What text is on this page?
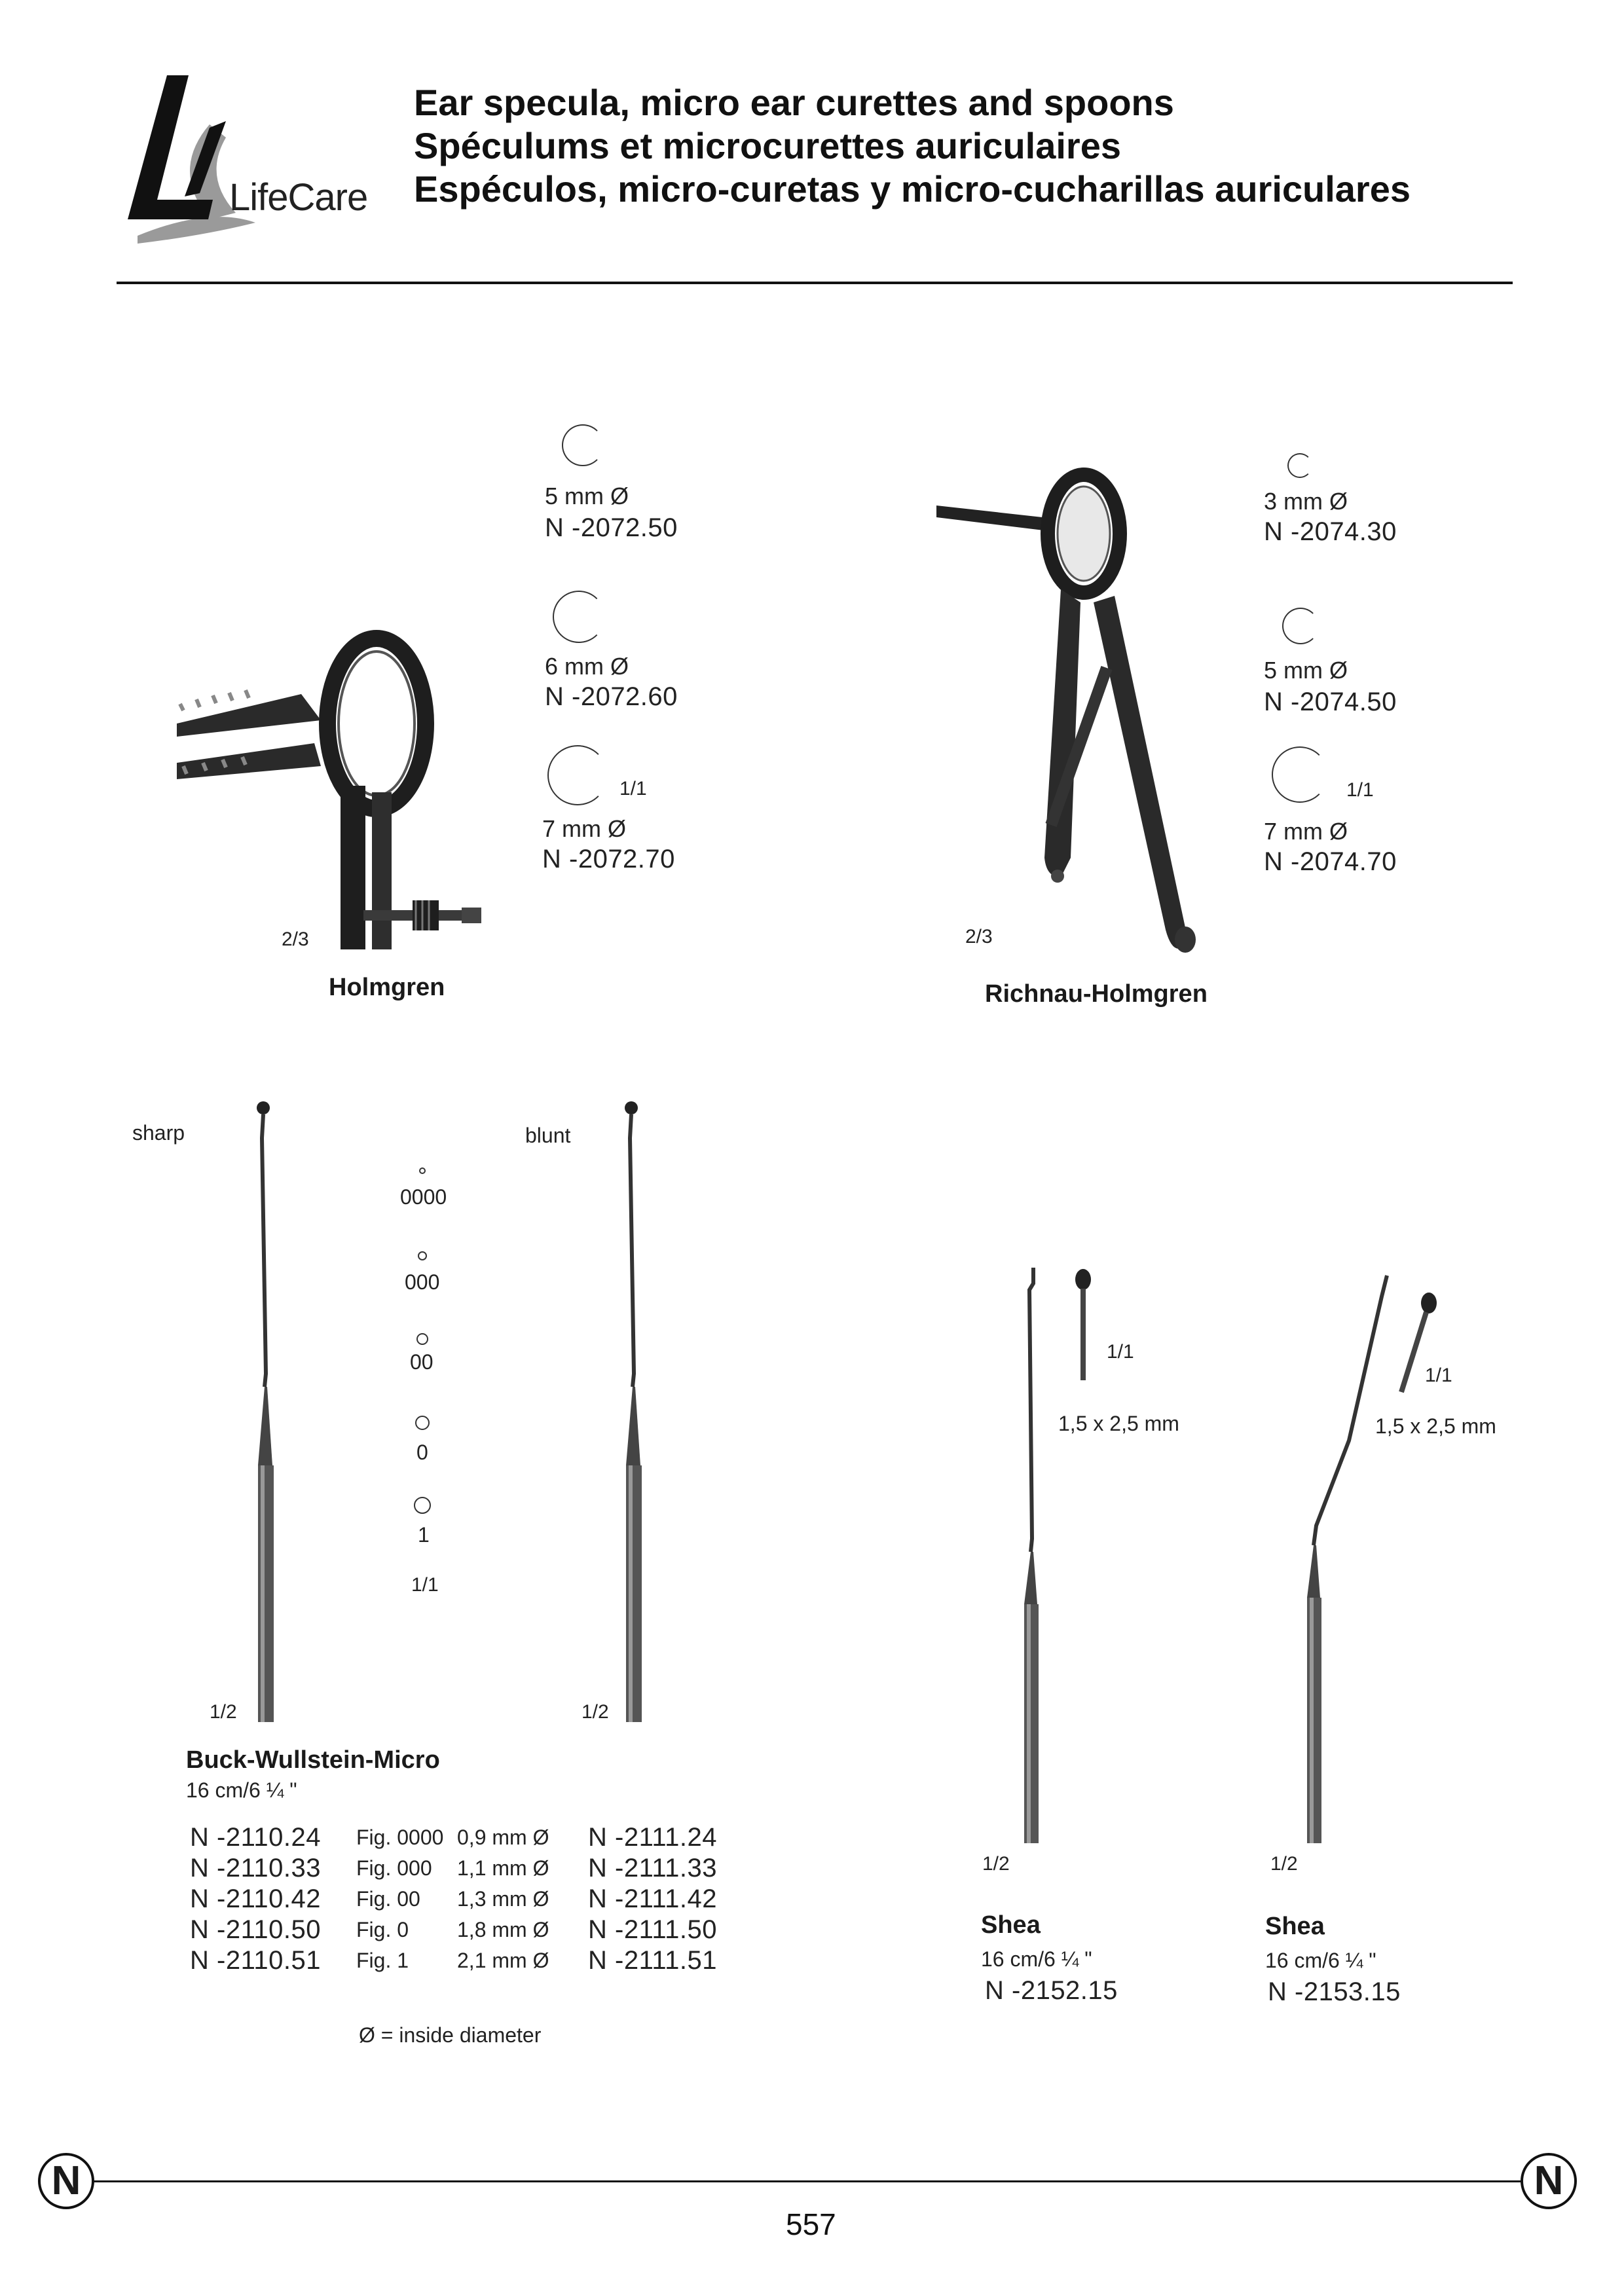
LifeCare
Ear specula, micro ear curettes and spoons
Spéculums et microcurettes auriculaires
Espéculos, micro-curetas y micro-cucharillas auriculares
2/3
Holmgren
5 mm Ø
N -2072.50
6 mm Ø
N -2072.60
1/1
7 mm Ø
N -2072.70
2/3
Richnau-Holmgren
3 mm Ø
N -2074.30
5 mm Ø
N -2074.50
1/1
7 mm Ø
N -2074.70
sharp	blunt
0000
000
00
0
1
1/1
1/2	1/2
Buck-Wullstein-Micro
16 cm/6 ¼ "
N -2110.24	Fig. 0000	0,9 mm Ø	N -2111.24
N -2110.33	Fig. 000	1,1 mm Ø	N -2111.33
N -2110.42	Fig. 00	1,3 mm Ø	N -2111.42
N -2110.50	Fig. 0	1,8 mm Ø	N -2111.50
N -2110.51	Fig. 1	2,1 mm Ø	N -2111.51
Ø = inside diameter
1/1
1,5 x 2,5 mm
1/2
Shea
16 cm/6 ¼ "
N -2152.15
1/1
1,5 x 2,5 mm
1/2
Shea
16 cm/6 ¼ "
N -2153.15
N	N
557
